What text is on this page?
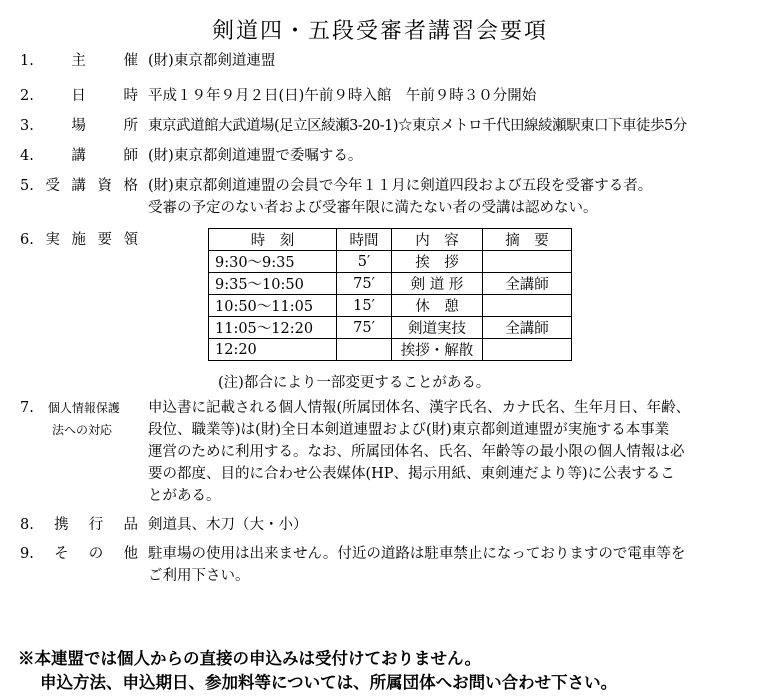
剣道四・五段受審者講習会要項
1.	主	催 (財)東京都剣道連盟

2.	日	時 平成１９年９月２日(日)午前９時入館　午前９時３０分開始

3.	場	所 東京武道館大武道場(足立区綾瀬3-20-1)☆東京メトロ千代田線綾瀬駅東口下車徒歩5分

4.	講	師 (財)東京都剣道連盟で委嘱する。

5. 受 講 資 格 (財)東京都剣道連盟の会員で今年１１月に剣道四段および五段を受審する者。

受審の予定のない者および受審年限に満たない者の受講は認めない。

6. 実 施 要 領	時　刻	時間	内　容	摘　要
9:30～9:35	5′	挨　拶	
9:35～10:50	75′	剣 道 形	全講師
10:50～11:05	15′	休　憩	
11:05～12:20	75′	剣道実技	全講師
12:20		挨拶・解散	
(注)都合により一部変更することがある。
7. 個人情報保護
法への対応

申込書に記載される個人情報(所属団体名、漢字氏名、カナ氏名、生年月日、年齢、

段位、職業等)は(財)全日本剣道連盟および(財)東京都剣道連盟が実施する本事業

運営のために利用する。なお、所属団体名、氏名、年齢等の最小限の個人情報は必

要の都度、目的に合わせ公表媒体(HP、掲示用紙、東剣連だより等)に公表するこ

とがある。

8. 携 行 品 剣道具、木刀（大・小）

9. そ の 他 駐車場の使用は出来ません。付近の道路は駐車禁止になっておりますので電車等を

ご利用下さい。

※本連盟では個人からの直接の申込みは受付けておりません。
申込方法、申込期日、参加料等については、所属団体へお問い合わせ下さい。
